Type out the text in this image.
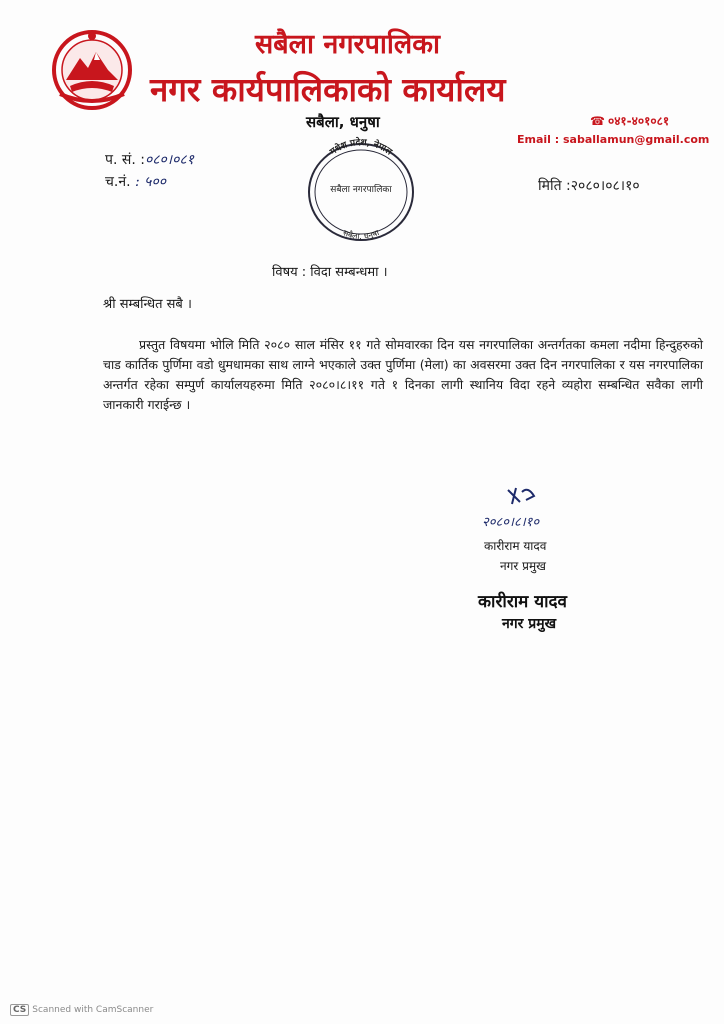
सबैला नगरपालिका
नगर कार्यपालिकाको कार्यालय
सबैला, धनुषा	☎ ०४१-४०१०८१
Email : saballamun@gmail.com
मधेश प्रदेश, नेपाल
सबैला नगरपालिका
सबैला, धनुषा
प. सं. :०८०।०८१
च.नं. : ५००	मिति :२०८०।०८।१०
विषय : विदा सम्बन्धमा ।
श्री सम्बन्धित सबै ।

प्रस्तुत विषयमा भोलि मिति २०८० साल मंसिर ११ गते सोमवारका दिन यस नगरपालिका अन्तर्गतका कमला नदीमा हिन्दुहरुको चाड कार्तिक पुर्णिमा वडो धुमधामका साथ लाग्ने भएकाले उक्त पुर्णिमा (मेला) का अवसरमा उक्त दिन नगरपालिका र यस नगरपालिका अन्तर्गत रहेका सम्पुर्ण कार्यालयहरुमा मिति २०८०।८।११ गते १ दिनका लागी स्थानिय विदा रहने व्यहोरा सम्बन्धित सवैका लागी जानकारी गराईन्छ ।

२०८०।८।१०
कारीराम यादव
नगर प्रमुख
कारीराम यादव
नगर प्रमुख
CS Scanned with CamScanner
